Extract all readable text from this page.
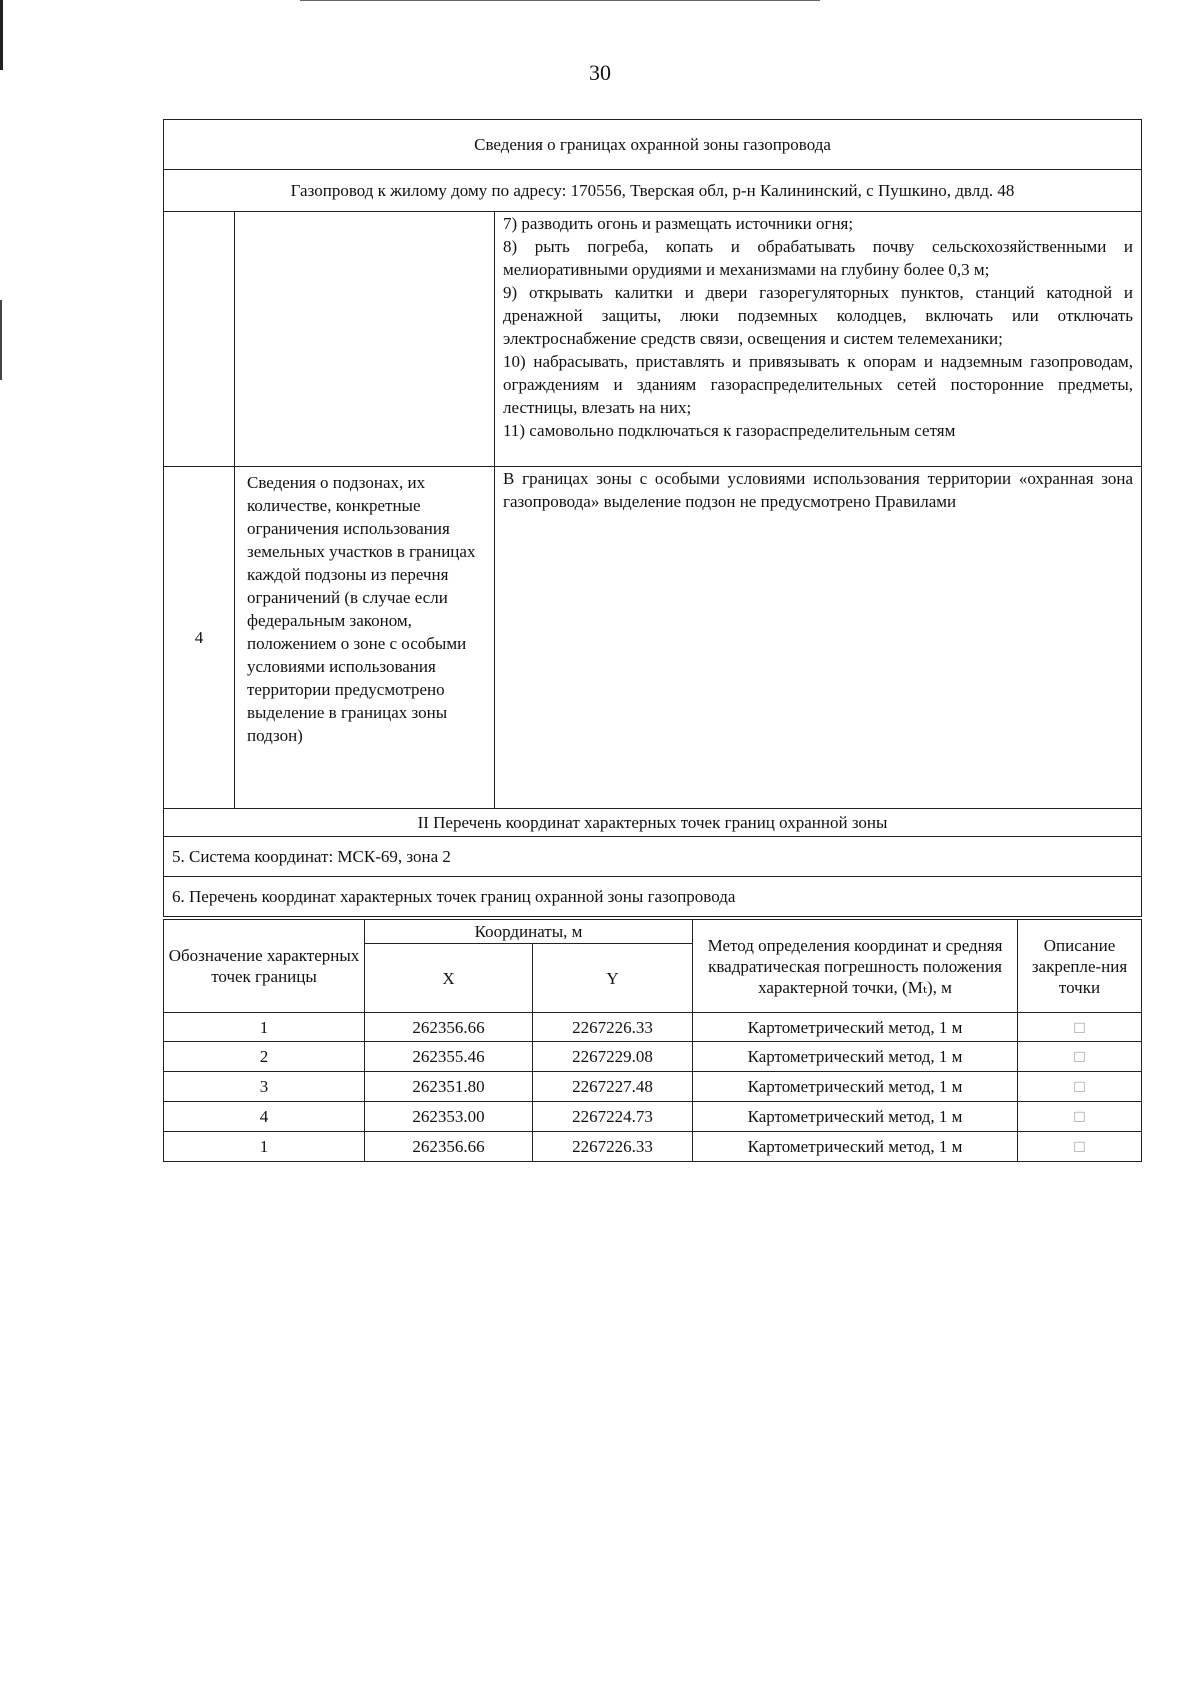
30
Сведения о границах охранной зоны газопровода		
Газопровод к жилому дому по адресу: 170556, Тверская обл, р-н Калининский, с Пушкино, двлд. 48		

		7) разводить огонь и размещать источники огня;
8) рыть погреба, копать и обрабатывать почву сельскохозяйственными и мелиоративными орудиями и механизмами на глубину более 0,3 м;
9) открывать калитки и двери газорегуляторных пунктов, станций катодной и дренажной защиты, люки подземных колодцев, включать или отключать электроснабжение средств связи, освещения и систем телемеханики;
10) набрасывать, приставлять и привязывать к опорам и надземным газопроводам, ограждениям и зданиям газораспределительных сетей посторонние предметы, лестницы, влезать на них;
11) самовольно подключаться к газораспределительным сетям

4	Сведения о подзонах, их количестве, конкретные ограничения использования земельных участков в границах каждой подзоны из перечня ограничений (в случае если федеральным законом, положением о зоне с особыми условиями использования территории предусмотрено выделение в границах зоны подзон)	В границах зоны с особыми условиями использования территории «охранная зона газопровода» выделение подзон не предусмотрено Правилами
II Перечень координат характерных точек границ охранной зоны		
5. Система координат: МСК-69, зона 2		
6. Перечень координат характерных точек границ охранной зоны газопровода		
Обозначение характерных точек границы	Координаты, м		Метод определения координат и средняя квадратическая погрешность положения характерной точки, (Mₜ), м	Описание закрепле-ния точки
	X	Y		
1	262356.66	2267226.33	Картометрический метод, 1 м	□
2	262355.46	2267229.08	Картометрический метод, 1 м	□
3	262351.80	2267227.48	Картометрический метод, 1 м	□
4	262353.00	2267224.73	Картометрический метод, 1 м	□
1	262356.66	2267226.33	Картометрический метод, 1 м	□
